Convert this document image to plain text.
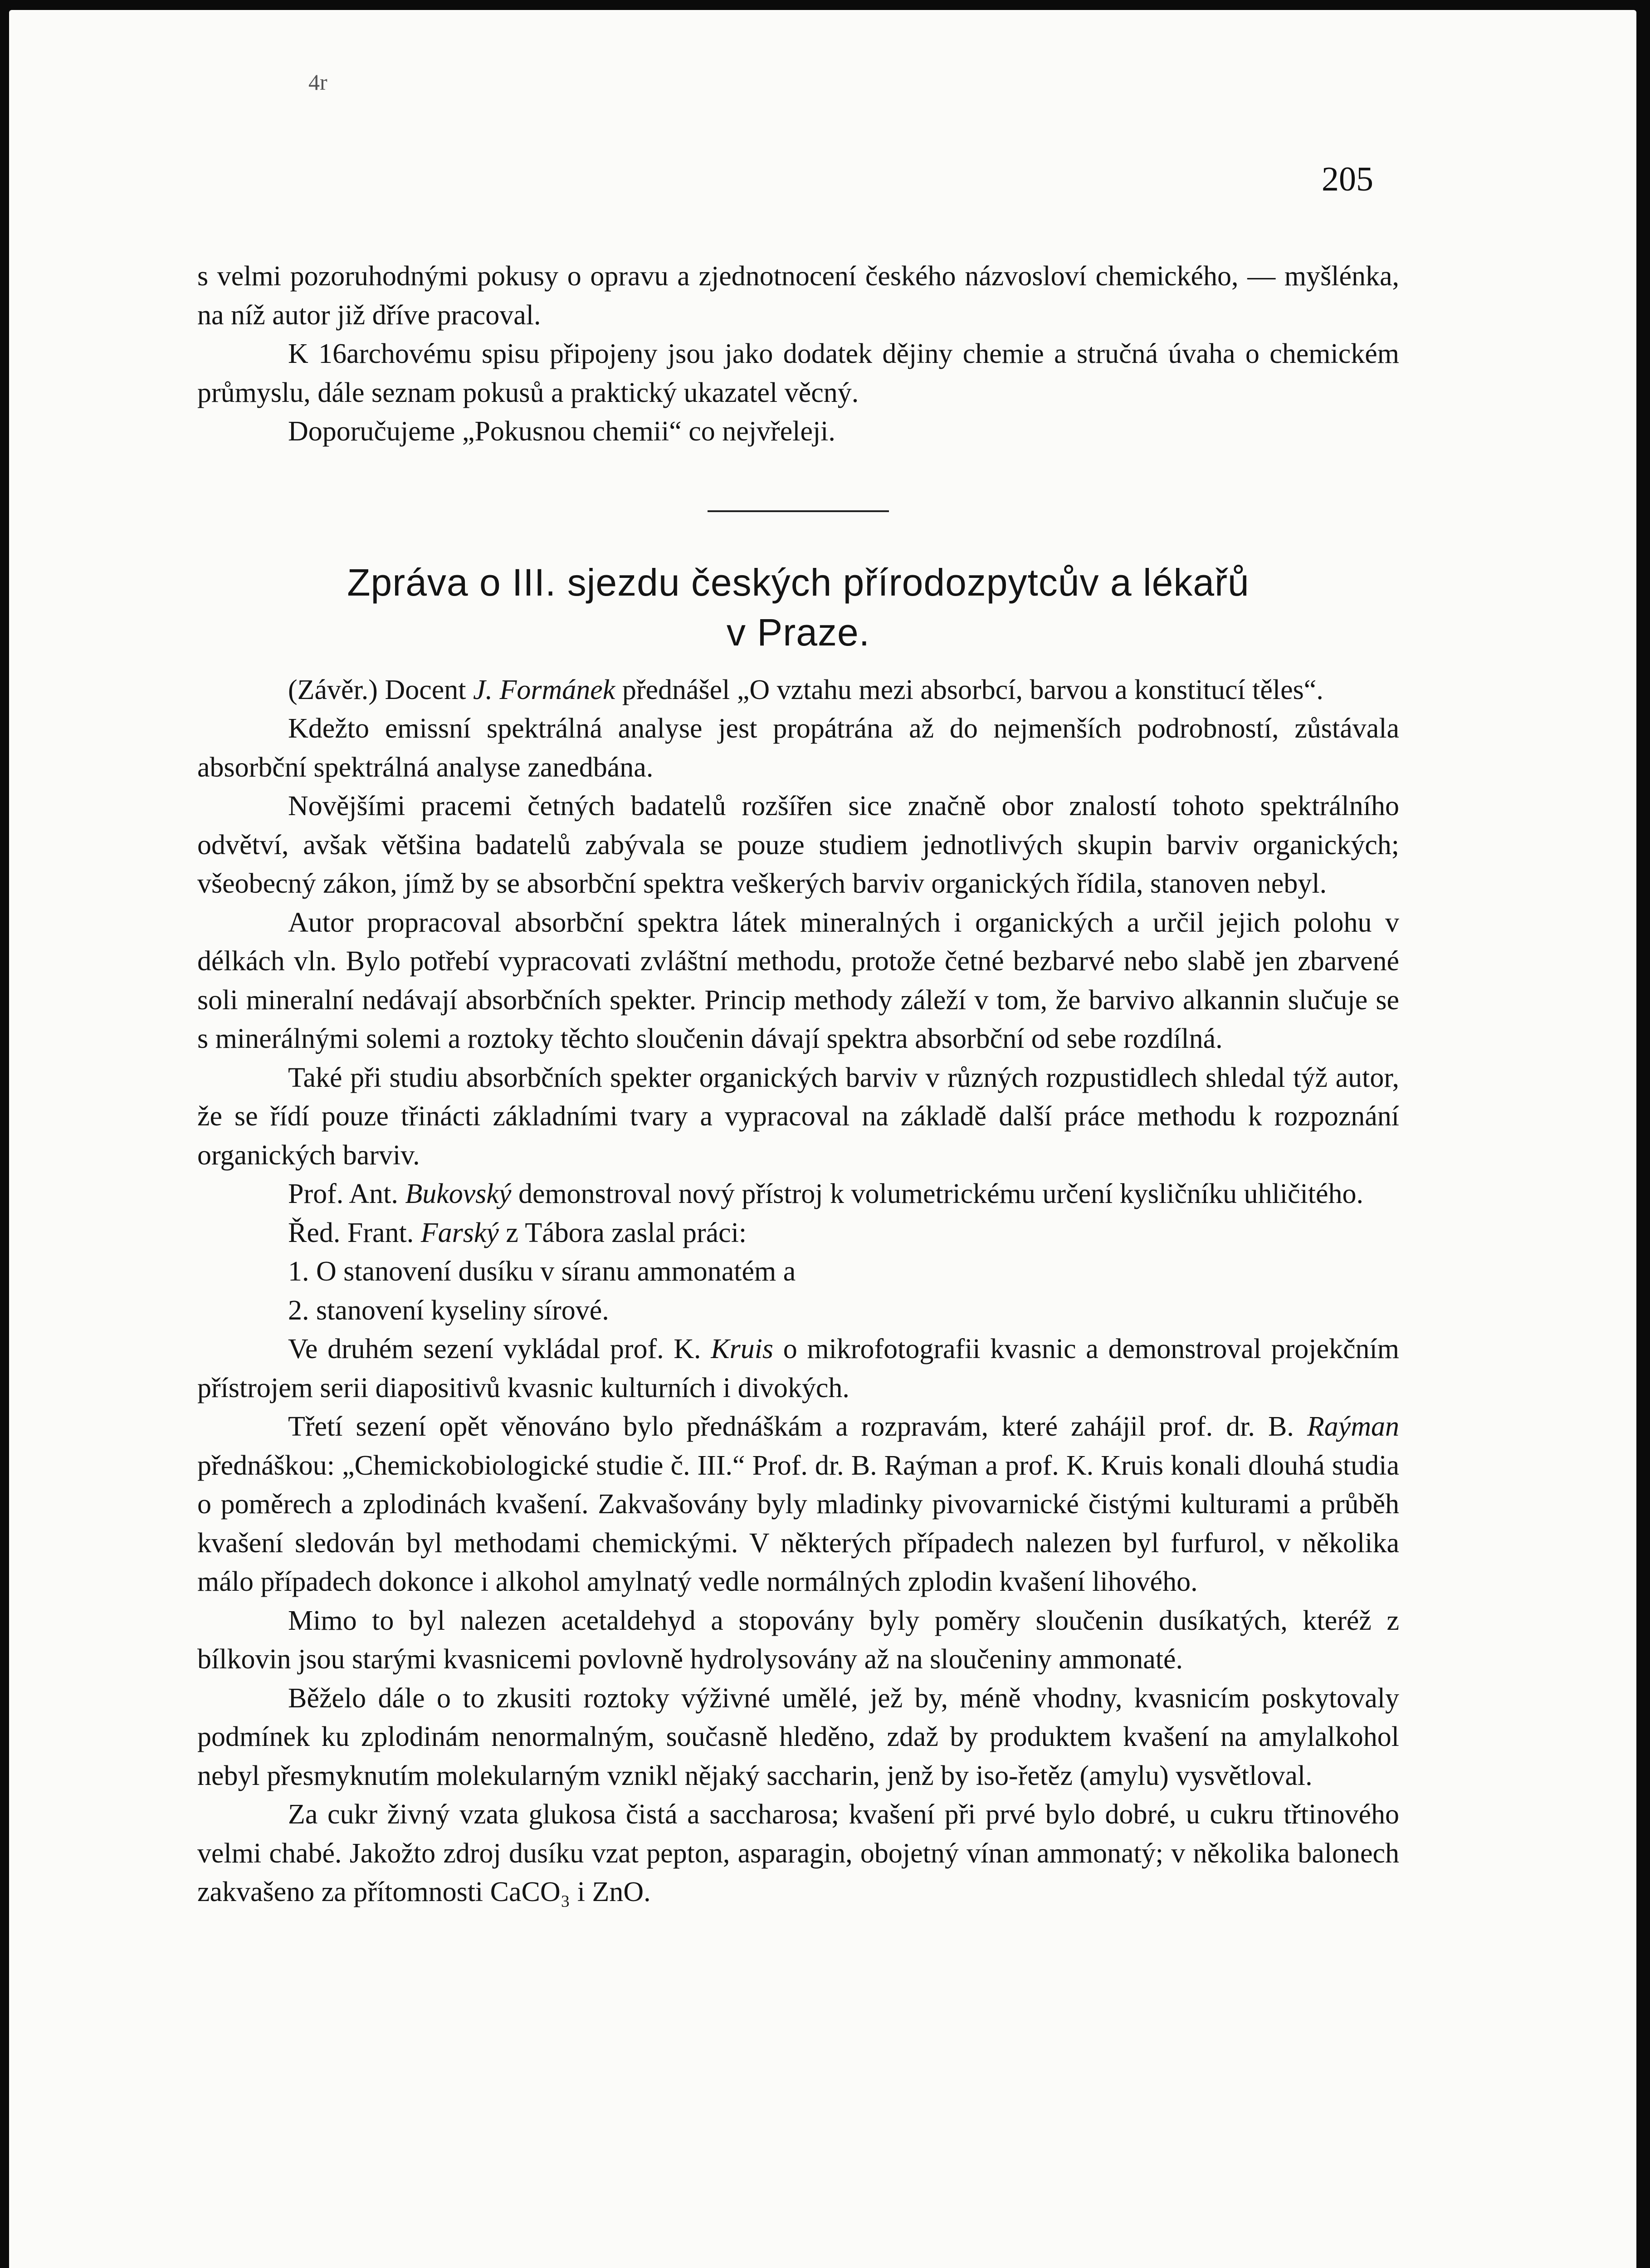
4r
205

s velmi pozoruhodnými pokusy o opravu a zjednotnocení českého názvosloví chemického, — myšlénka, na níž autor již dříve pracoval.

K 16archovému spisu připojeny jsou jako dodatek dějiny chemie a stručná úvaha o chemickém průmyslu, dále seznam pokusů a praktický ukazatel věcný.

Doporučujeme „Pokusnou chemii“ co nejvřeleji.

Zpráva o III. sjezdu českých přírodozpytcův a lékařů
v Praze.

(Závěr.) Docent J. Formánek přednášel „O vztahu mezi absorbcí, barvou a konstitucí těles“.

Kdežto emissní spektrálná analyse jest propátrána až do nejmenších podrobností, zůstávala absorbční spektrálná analyse zanedbána.

Novějšími pracemi četných badatelů rozšířen sice značně obor znalostí tohoto spektrálního odvětví, avšak většina badatelů zabývala se pouze studiem jednotlivých skupin barviv organických; všeobecný zákon, jímž by se absorbční spektra veškerých barviv organických řídila, stanoven nebyl.

Autor propracoval absorbční spektra látek mineralných i organických a určil jejich polohu v délkách vln. Bylo potřebí vypracovati zvláštní methodu, protože četné bezbarvé nebo slabě jen zbarvené soli mineralní nedávají absorbčních spekter. Princip methody záleží v tom, že barvivo alkannin slučuje se s minerálnými solemi a roztoky těchto sloučenin dávají spektra absorbční od sebe rozdílná.

Také při studiu absorbčních spekter organických barviv v různých rozpustidlech shledal týž autor, že se řídí pouze třinácti základními tvary a vypracoval na základě další práce methodu k rozpoznání organických barviv.

Prof. Ant. Bukovský demonstroval nový přístroj k volumetrickému určení kysličníku uhličitého.

Řed. Frant. Farský z Tábora zaslal práci:

1. O stanovení dusíku v síranu ammonatém a

2. stanovení kyseliny sírové.

Ve druhém sezení vykládal prof. K. Kruis o mikrofotografii kvasnic a demonstroval projekčním přístrojem serii diapositivů kvasnic kulturních i divokých.

Třetí sezení opět věnováno bylo přednáškám a rozpravám, které zahájil prof. dr. B. Raýman přednáškou: „Chemickobiologické studie č. III.“ Prof. dr. B. Raýman a prof. K. Kruis konali dlouhá studia o poměrech a zplodinách kvašení. Zakvašovány byly mladinky pivovarnické čistými kulturami a průběh kvašení sledován byl methodami chemickými. V některých případech nalezen byl furfurol, v několika málo případech dokonce i alkohol amylnatý vedle normálných zplodin kvašení lihového.

Mimo to byl nalezen acetaldehyd a stopovány byly poměry sloučenin dusíkatých, kteréž z bílkovin jsou starými kvasnicemi povlovně hydrolysovány až na sloučeniny ammonaté.

Běželo dále o to zkusiti roztoky výživné umělé, jež by, méně vhodny, kvasnicím poskytovaly podmínek ku zplodinám nenormalným, současně hleděno, zdaž by produktem kvašení na amylalkohol nebyl přesmyknutím molekularným vznikl nějaký saccharin, jenž by iso-řetěz (amylu) vysvětloval.

Za cukr živný vzata glukosa čistá a saccharosa; kvašení při prvé bylo dobré, u cukru třtinového velmi chabé. Jakožto zdroj dusíku vzat pepton, asparagin, obojetný vínan ammonatý; v několika balonech zakvašeno za přítomnosti CaCO₃ i ZnO.
